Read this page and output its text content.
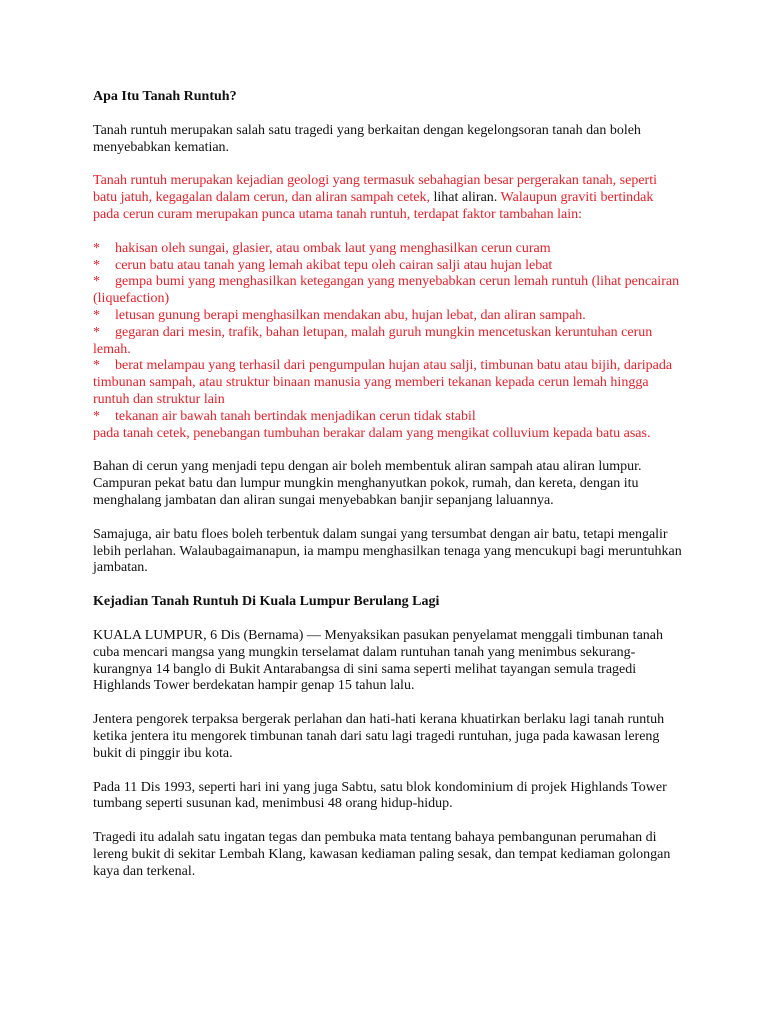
Apa Itu Tanah Runtuh?

Tanah runtuh merupakan salah satu tragedi yang berkaitan dengan kegelongsoran tanah dan boleh menyebabkan kematian.

Tanah runtuh merupakan kejadian geologi yang termasuk sebahagian besar pergerakan tanah, seperti batu jatuh, kegagalan dalam cerun, dan aliran sampah cetek, lihat aliran. Walaupun graviti bertindak pada cerun curam merupakan punca utama tanah runtuh, terdapat faktor tambahan lain:

* hakisan oleh sungai, glasier, atau ombak laut yang menghasilkan cerun curam

* cerun batu atau tanah yang lemah akibat tepu oleh cairan salji atau hujan lebat

* gempa bumi yang menghasilkan ketegangan yang menyebabkan cerun lemah runtuh (lihat pencairan (liquefaction)

* letusan gunung berapi menghasilkan mendakan abu, hujan lebat, dan aliran sampah.

* gegaran dari mesin, trafik, bahan letupan, malah guruh mungkin mencetuskan keruntuhan cerun lemah.

* berat melampau yang terhasil dari pengumpulan hujan atau salji, timbunan batu atau bijih, daripada timbunan sampah, atau struktur binaan manusia yang memberi tekanan kepada cerun lemah hingga runtuh dan struktur lain

* tekanan air bawah tanah bertindak menjadikan cerun tidak stabil

pada tanah cetek, penebangan tumbuhan berakar dalam yang mengikat colluvium kepada batu asas.

Bahan di cerun yang menjadi tepu dengan air boleh membentuk aliran sampah atau aliran lumpur. Campuran pekat batu dan lumpur mungkin menghanyutkan pokok, rumah, dan kereta, dengan itu menghalang jambatan dan aliran sungai menyebabkan banjir sepanjang laluannya.

Samajuga, air batu floes boleh terbentuk dalam sungai yang tersumbat dengan air batu, tetapi mengalir lebih perlahan. Walaubagaimanapun, ia mampu menghasilkan tenaga yang mencukupi bagi meruntuhkan jambatan.

Kejadian Tanah Runtuh Di Kuala Lumpur Berulang Lagi

KUALA LUMPUR, 6 Dis (Bernama) — Menyaksikan pasukan penyelamat menggali timbunan tanah cuba mencari mangsa yang mungkin terselamat dalam runtuhan tanah yang menimbus sekurang-kurangnya 14 banglo di Bukit Antarabangsa di sini sama seperti melihat tayangan semula tragedi Highlands Tower berdekatan hampir genap 15 tahun lalu.

Jentera pengorek terpaksa bergerak perlahan dan hati-hati kerana khuatirkan berlaku lagi tanah runtuh ketika jentera itu mengorek timbunan tanah dari satu lagi tragedi runtuhan, juga pada kawasan lereng bukit di pinggir ibu kota.

Pada 11 Dis 1993, seperti hari ini yang juga Sabtu, satu blok kondominium di projek Highlands Tower tumbang seperti susunan kad, menimbusi 48 orang hidup-hidup.

Tragedi itu adalah satu ingatan tegas dan pembuka mata tentang bahaya pembangunan perumahan di lereng bukit di sekitar Lembah Klang, kawasan kediaman paling sesak, dan tempat kediaman golongan kaya dan terkenal.
